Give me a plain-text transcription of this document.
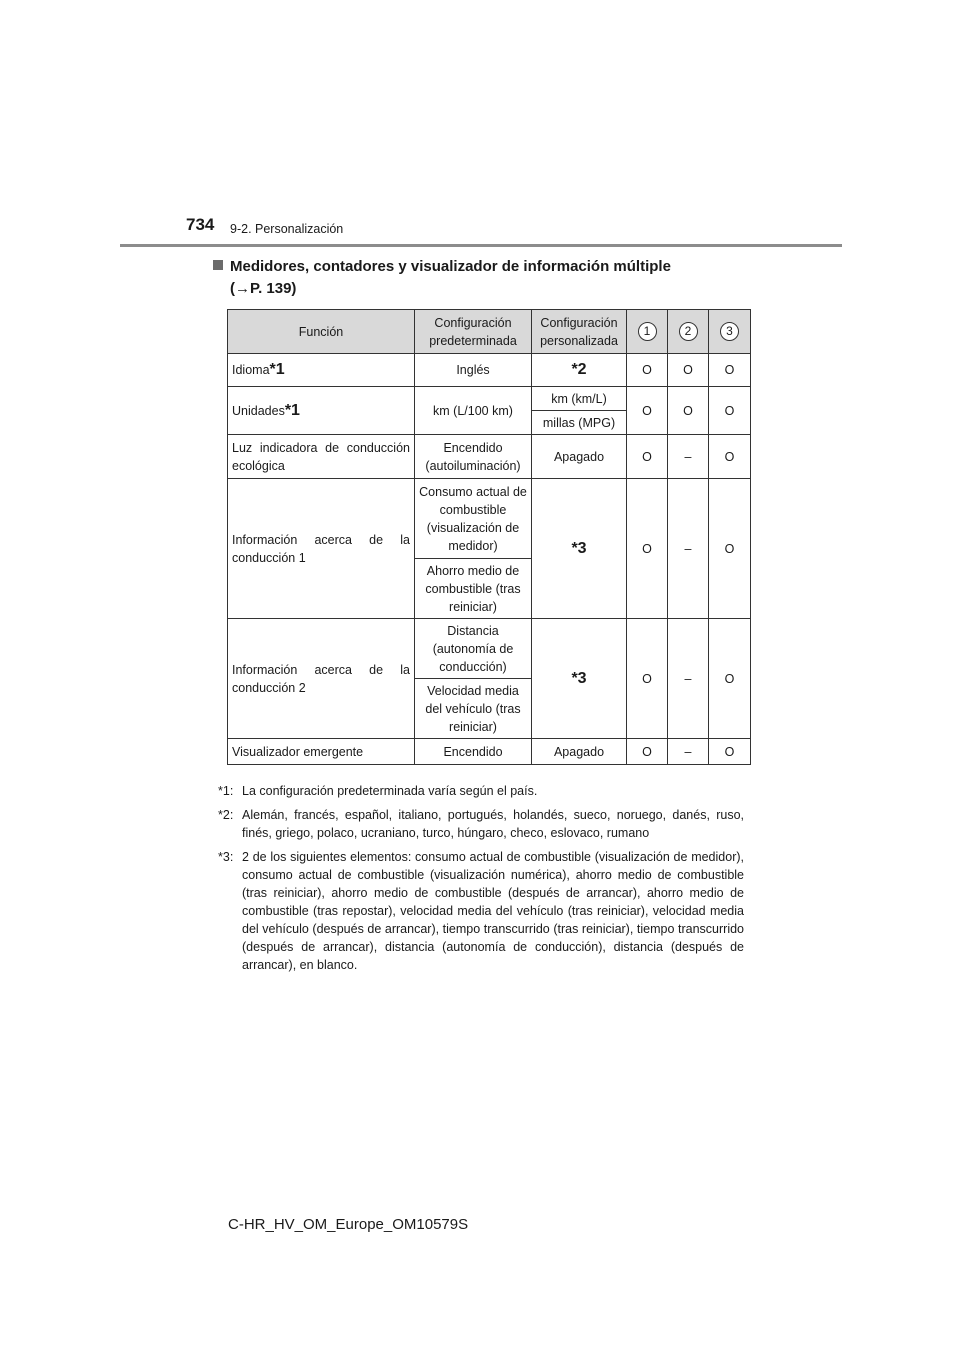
734 9-2. Personalización
Medidores, contadores y visualizador de información múltiple
(→P. 139)
Función	Configuración predeterminada	Configuración personalizada	1	2	3
Idioma*1	Inglés	*2	O	O	O
Unidades*1	km (L/100 km)	km (km/L)	O	O	O
		millas (MPG)			
Luz indicadora de conducción ecológica	Encendido (autoiluminación)	Apagado	O	–	O
Información acerca de la conducción 1	Consumo actual de combustible (visualización de medidor)	*3	O	–	O
	Ahorro medio de combustible (tras reiniciar)				
Información acerca de la conducción 2	Distancia (autonomía de conducción)	*3	O	–	O
	Velocidad media del vehículo (tras reiniciar)				
Visualizador emergente	Encendido	Apagado	O	–	O
*1: La configuración predeterminada varía según el país.
*2: Alemán, francés, español, italiano, portugués, holandés, sueco, noruego, danés, ruso, finés, griego, polaco, ucraniano, turco, húngaro, checo, eslovaco, rumano
*3: 2 de los siguientes elementos: consumo actual de combustible (visualización de medidor), consumo actual de combustible (visualización numérica), ahorro medio de combustible (tras reiniciar), ahorro medio de combustible (después de arrancar), ahorro medio de combustible (tras repostar), velocidad media del vehículo (tras reiniciar), velocidad media del vehículo (después de arrancar), tiempo transcurrido (tras reiniciar), tiempo transcurrido (después de arrancar), distancia (autonomía de conducción), distancia (después de arrancar), en blanco.
C-HR_HV_OM_Europe_OM10579S
